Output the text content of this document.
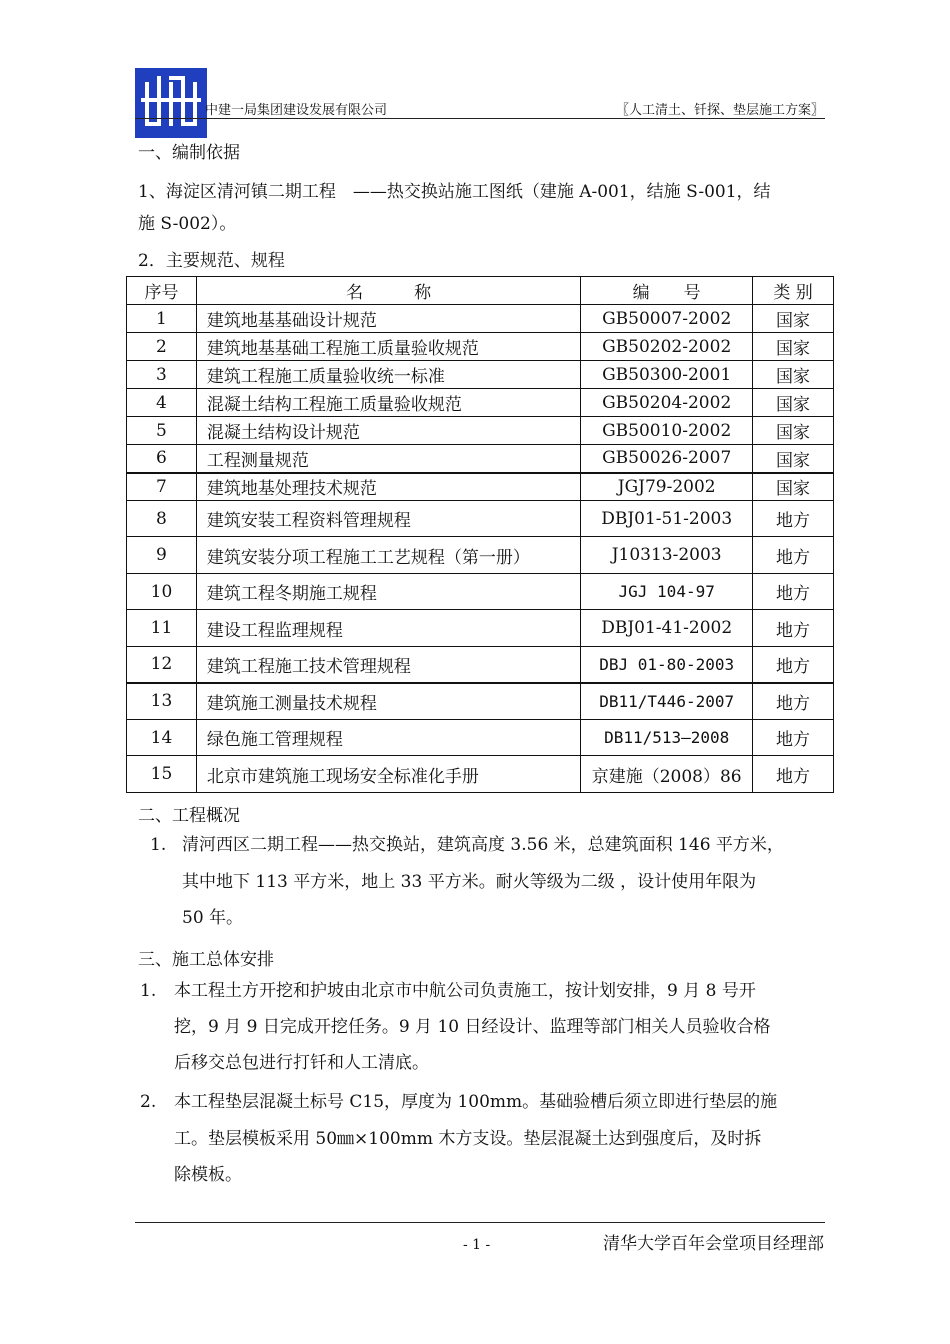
中建一局集团建设发展有限公司	〖人工清土、钎探、垫层施工方案〗
一、编制依据
1、海淀区清河镇二期工程　——热交换站施工图纸（建施 A-001，结施 S-001，结
施 S-002）。
2．主要规范、规程
序号	名　　　称	编　　号	类 别
1	建筑地基基础设计规范	GB50007-2002	国家
2	建筑地基基础工程施工质量验收规范	GB50202-2002	国家
3	建筑工程施工质量验收统一标准	GB50300-2001	国家
4	混凝土结构工程施工质量验收规范	GB50204-2002	国家
5	混凝土结构设计规范	GB50010-2002	国家
6	工程测量规范	GB50026-2007	国家
7	建筑地基处理技术规范	JGJ79-2002	国家
8	建筑安装工程资料管理规程	DBJ01-51-2003	地方
9	建筑安装分项工程施工工艺规程（第一册）	J10313-2003	地方
10	建筑工程冬期施工规程	JGJ 104-97	地方
11	建设工程监理规程	DBJ01-41-2002	地方
12	建筑工程施工技术管理规程	DBJ 01-80-2003	地方
13	建筑施工测量技术规程	DB11/T446-2007	地方
14	绿色施工管理规程	DB11/513—2008	地方
15	北京市建筑施工现场安全标准化手册	京建施（2008）86	地方
二、工程概况
1. 清河西区二期工程——热交换站，建筑高度 3.56 米，总建筑面积 146 平方米，
其中地下 113 平方米，地上 33 平方米。耐火等级为二级 ，设计使用年限为
50 年。
三、施工总体安排
1. 本工程土方开挖和护坡由北京市中航公司负责施工，按计划安排，9 月 8 号开
挖，9 月 9 日完成开挖任务。9 月 10 日经设计、监理等部门相关人员验收合格
后移交总包进行打钎和人工清底。
2. 本工程垫层混凝土标号 C15，厚度为 100mm。基础验槽后须立即进行垫层的施
工。垫层模板采用 50㎜×100mm 木方支设。垫层混凝土达到强度后，及时拆
除模板。
- 1 -	清华大学百年会堂项目经理部
